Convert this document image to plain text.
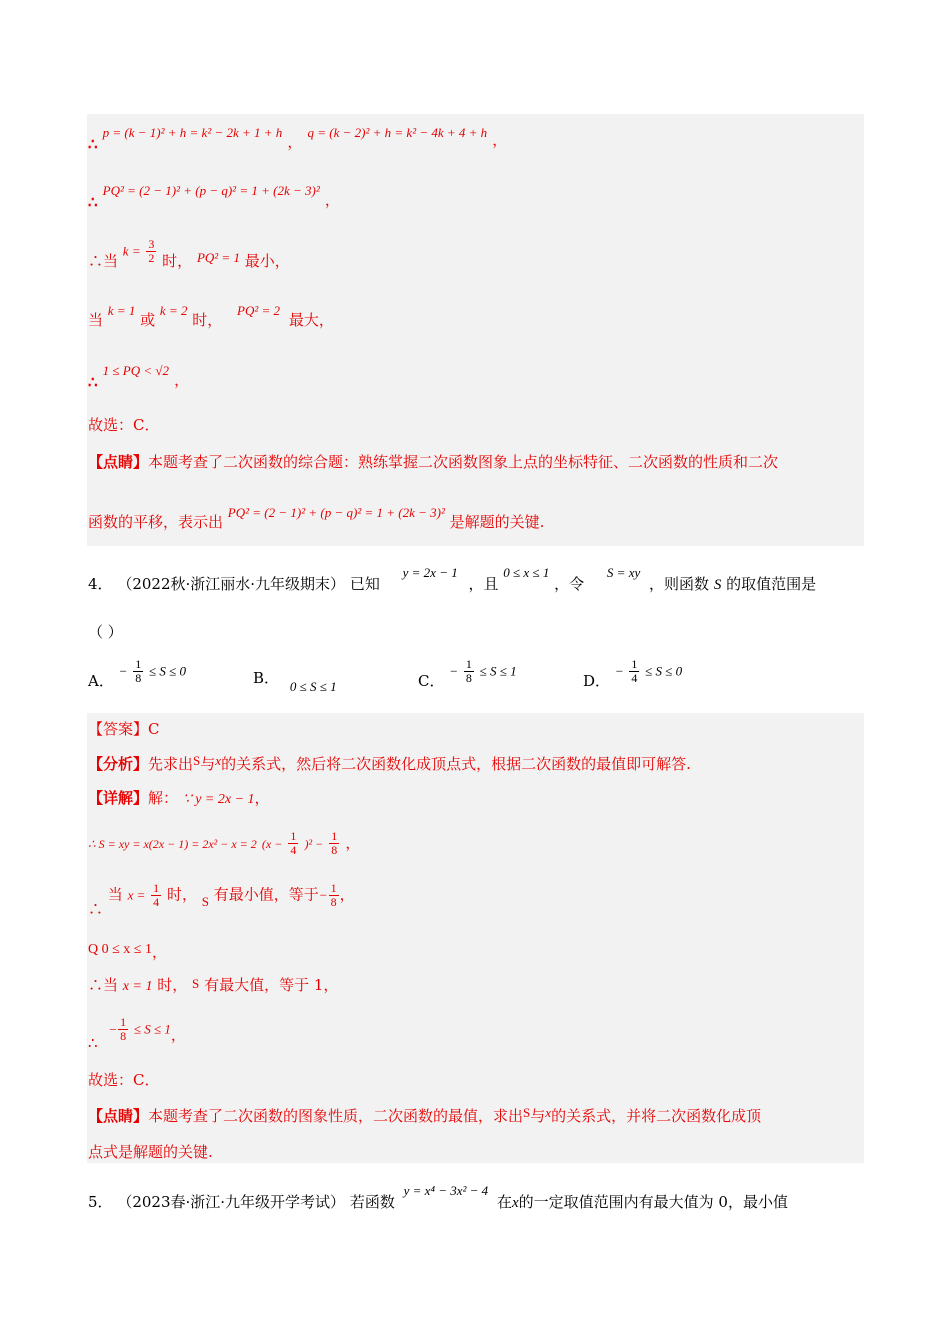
∴ p = (k − 1)² + h = k² − 2k + 1 + h ， q = (k − 2)² + h = k² − 4k + 4 + h ，
∴ PQ² = (2 − 1)² + (p − q)² = 1 + (2k − 3)² ，
∴当 $k = \frac{3}{2}$ 时， PQ² = 1 最小，
当 k = 1 或 k = 2 时， PQ² = 2 最大，
∴ 1 ≤ PQ < √2 ，
故选：C．
【点睛】本题考查了二次函数的综合题：熟练掌握二次函数图象上点的坐标特征、二次函数的性质和二次
函数的平移，表示出 PQ² = (2 − 1)² + (p − q)² = 1 + (2k − 3)² 是解题的关键.
4． （2022秋·浙江丽水·九年级期末） 已知 y = 2x − 1 ，且 0 ≤ x ≤ 1 ，令 S = xy ，则函数 S 的取值范围是
（ ）
A． − $\frac{1}{8} \le S \le 0$	B． 0 ≤ S ≤ 1	C． − $\frac{1}{8} \le S \le 1$
D． − $\frac{1}{4} \le S \le 0$
【答案】C
【分析】先求出S与x的关系式，然后将二次函数化成顶点式，根据二次函数的最值即可解答.
【详解】解： ∵ y = 2x − 1，
∴ S = xy = x(2x − 1) = 2x² − x = 2 $(x - \frac{1}{4} )^2 - \frac{1}{8}$ ，
∴ 当 $x = \frac{1}{4}$ 时， S 有最小值，等于− $\frac{1}{8}$ ，
Q 0 ≤ x ≤ 1，
∴当 x = 1 时， S 有最大值，等于 1，
∴ − $\frac{1}{8} \le S \le 1$，
故选：C．
【点睛】本题考查了二次函数的图象性质，二次函数的最值，求出S与x的关系式，并将二次函数化成顶
点式是解题的关键.
5． （2023春·浙江·九年级开学考试） 若函数 y = x⁴ − 3x² − 4 在x的一定取值范围内有最大值为 0，最小值
